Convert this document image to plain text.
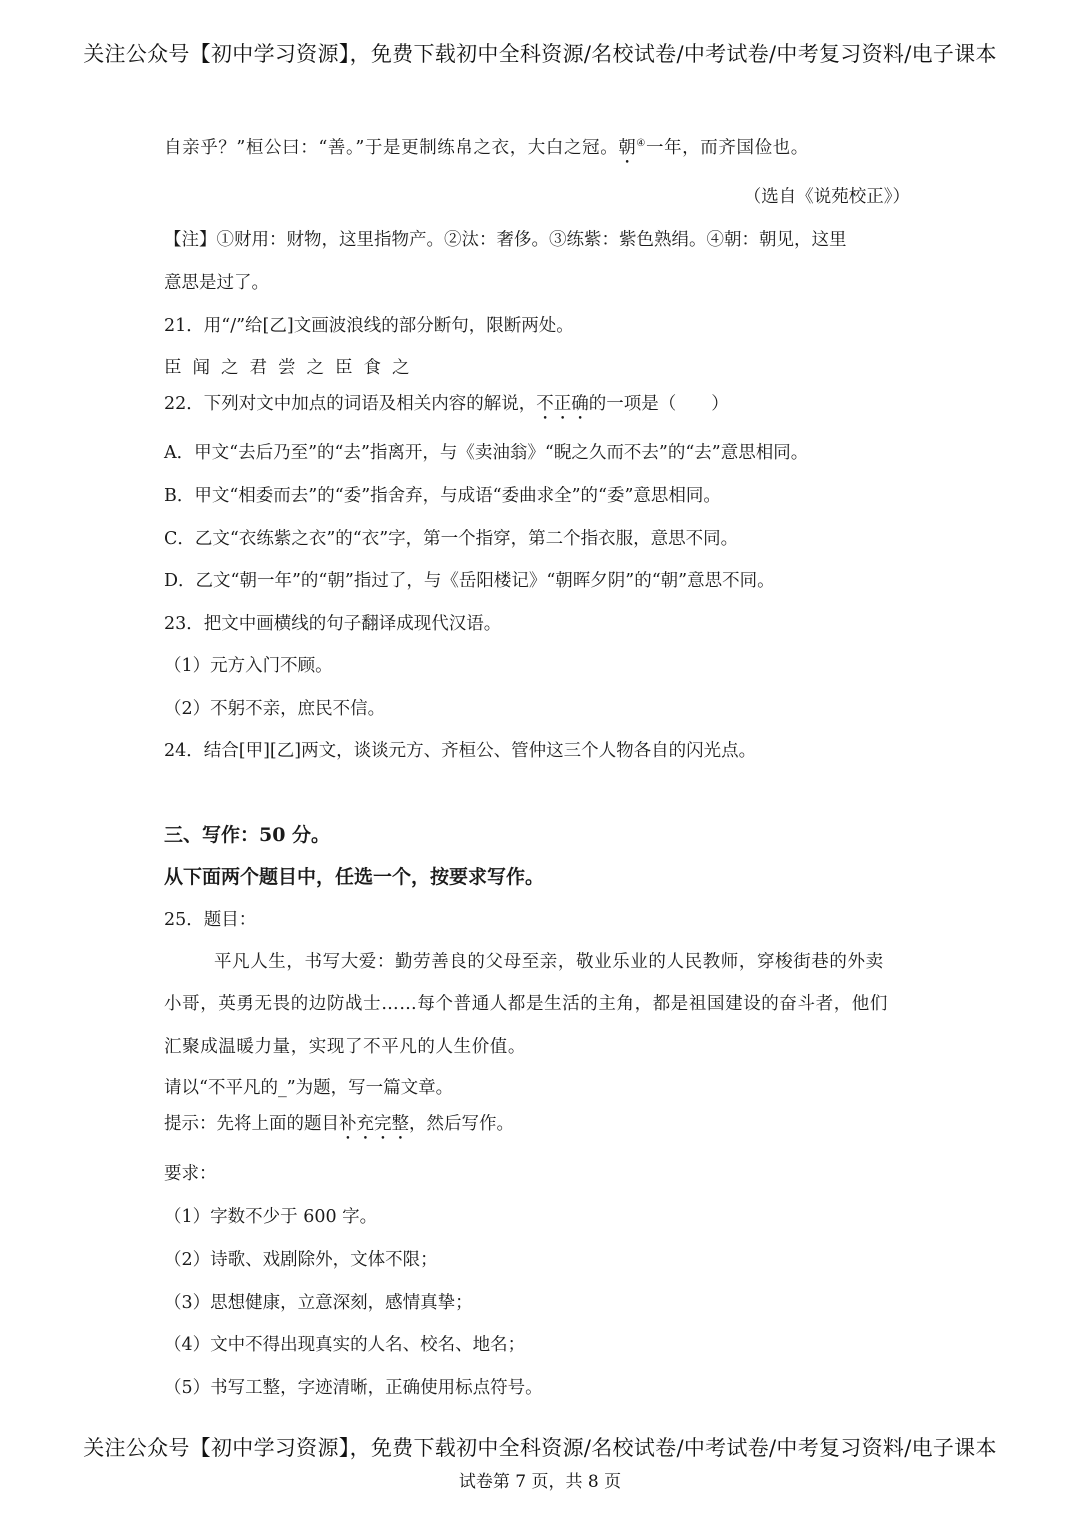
关注公众号【初中学习资源】，免费下载初中全科资源/名校试卷/中考试卷/中考复习资料/电子课本
自亲乎？”桓公曰：“善。”于是更制练帛之衣，大白之冠。朝④一年，而齐国俭也。
（选自《说苑校正》）
【注】①财用：财物，这里指物产。②汰：奢侈。③练紫：紫色熟绢。④朝：朝见，这里
意思是过了。
21．用“/”给[乙]文画波浪线的部分断句，限断两处。
臣闻之君尝之臣食之
22．下列对文中加点的词语及相关内容的解说，不正确的一项是（　　）
A．甲文“去后乃至”的“去”指离开，与《卖油翁》“睨之久而不去”的“去”意思相同。
B．甲文“相委而去”的“委”指舍弃，与成语“委曲求全”的“委”意思相同。
C．乙文“衣练紫之衣”的“衣”字，第一个指穿，第二个指衣服，意思不同。
D．乙文“朝一年”的“朝”指过了，与《岳阳楼记》“朝晖夕阴”的“朝”意思不同。
23．把文中画横线的句子翻译成现代汉语。
（1）元方入门不顾。
（2）不躬不亲，庶民不信。
24．结合[甲][乙]两文，谈谈元方、齐桓公、管仲这三个人物各自的闪光点。
三、写作：50 分。
从下面两个题目中，任选一个，按要求写作。
25．题目：
平凡人生，书写大爱：勤劳善良的父母至亲，敬业乐业的人民教师，穿梭街巷的外卖
小哥，英勇无畏的边防战士……每个普通人都是生活的主角，都是祖国建设的奋斗者，他们
汇聚成温暖力量，实现了不平凡的人生价值。
请以“不平凡的_”为题，写一篇文章。
提示：先将上面的题目补充完整，然后写作。
要求：
（1）字数不少于 600 字。
（2）诗歌、戏剧除外，文体不限；
（3）思想健康，立意深刻，感情真挚；
（4）文中不得出现真实的人名、校名、地名；
（5）书写工整，字迹清晰，正确使用标点符号。
关注公众号【初中学习资源】，免费下载初中全科资源/名校试卷/中考试卷/中考复习资料/电子课本
试卷第 7 页，共 8 页
